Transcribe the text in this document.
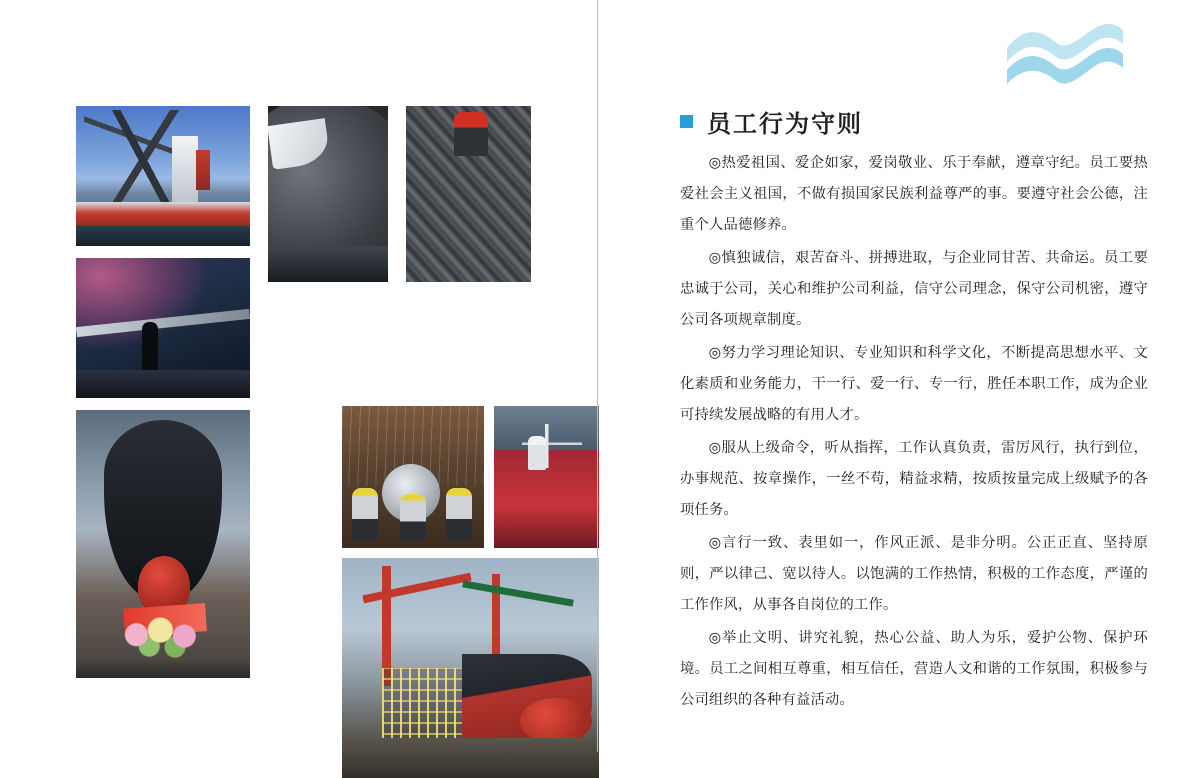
员工行为守则

◎热爱祖国、爱企如家，爱岗敬业、乐于奉献，遵章守纪。员工要热爱社会主义祖国，不做有损国家民族利益尊严的事。要遵守社会公德，注重个人品德修养。

◎慎独诚信，艰苦奋斗、拼搏进取，与企业同甘苦、共命运。员工要忠诚于公司，关心和维护公司利益，信守公司理念，保守公司机密，遵守公司各项规章制度。

◎努力学习理论知识、专业知识和科学文化，不断提高思想水平、文化素质和业务能力，干一行、爱一行、专一行，胜任本职工作，成为企业可持续发展战略的有用人才。

◎服从上级命令，听从指挥，工作认真负责，雷厉风行，执行到位，办事规范、按章操作，一丝不苟，精益求精，按质按量完成上级赋予的各项任务。

◎言行一致、表里如一，作风正派、是非分明。公正正直、坚持原则，严以律己、宽以待人。以饱满的工作热情，积极的工作态度，严谨的工作作风，从事各自岗位的工作。

◎举止文明、讲究礼貌，热心公益、助人为乐，爱护公物、保护环境。员工之间相互尊重，相互信任，营造人文和谐的工作氛围，积极参与公司组织的各种有益活动。
